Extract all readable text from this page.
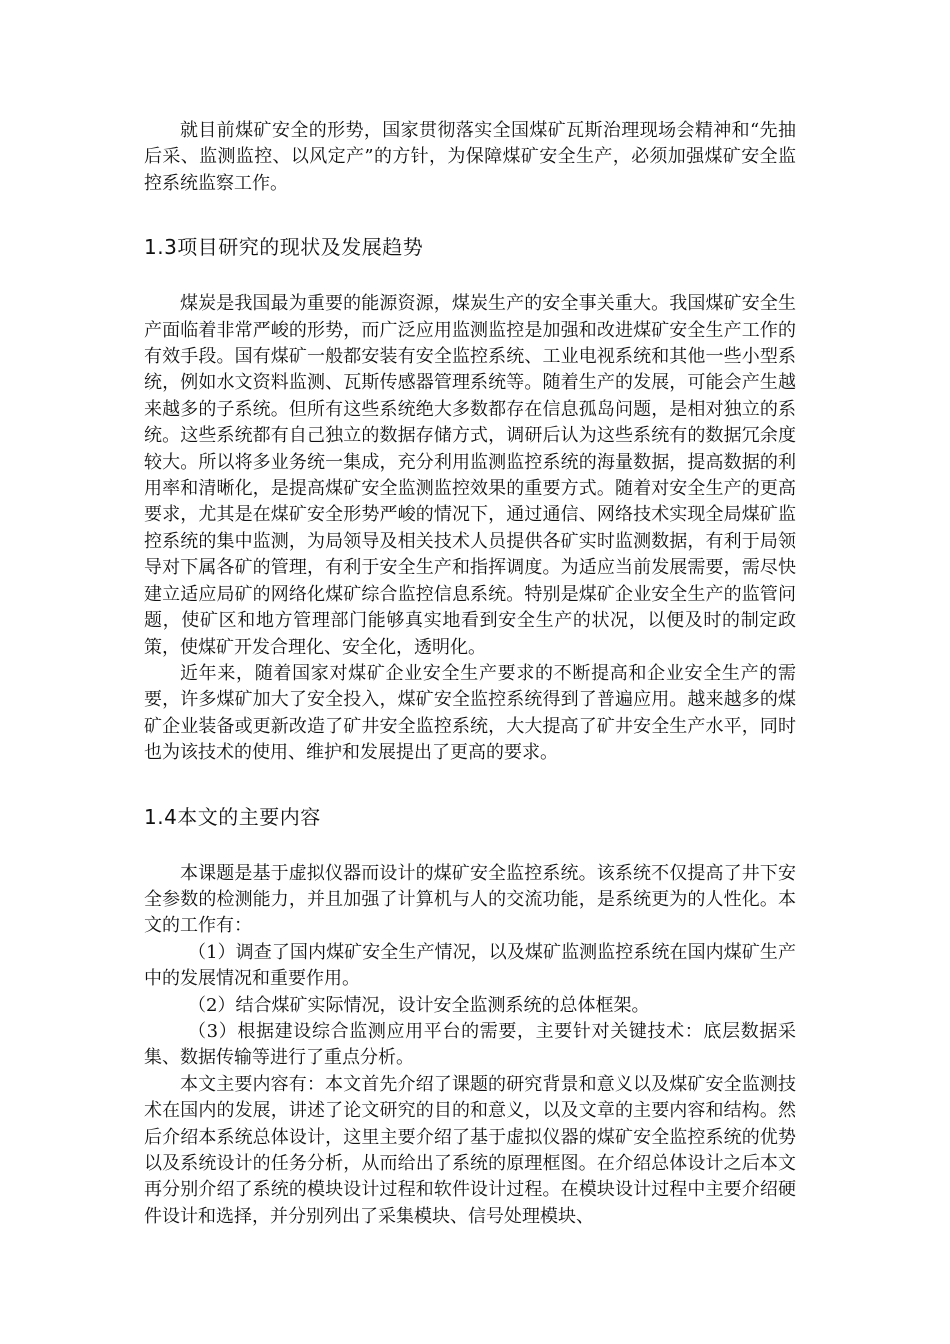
就目前煤矿安全的形势，国家贯彻落实全国煤矿瓦斯治理现场会精神和“先抽后采、监测监控、以风定产”的方针，为保障煤矿安全生产，必须加强煤矿安全监控系统监察工作。

1.3项目研究的现状及发展趋势

煤炭是我国最为重要的能源资源，煤炭生产的安全事关重大。我国煤矿安全生产面临着非常严峻的形势，而广泛应用监测监控是加强和改进煤矿安全生产工作的有效手段。国有煤矿一般都安装有安全监控系统、工业电视系统和其他一些小型系统，例如水文资料监测、瓦斯传感器管理系统等。随着生产的发展，可能会产生越来越多的子系统。但所有这些系统绝大多数都存在信息孤岛问题，是相对独立的系统。这些系统都有自己独立的数据存储方式，调研后认为这些系统有的数据冗余度较大。所以将多业务统一集成，充分利用监测监控系统的海量数据，提高数据的利用率和清晰化，是提高煤矿安全监测监控效果的重要方式。随着对安全生产的更高要求，尤其是在煤矿安全形势严峻的情况下，通过通信、网络技术实现全局煤矿监控系统的集中监测，为局领导及相关技术人员提供各矿实时监测数据，有利于局领导对下属各矿的管理，有利于安全生产和指挥调度。为适应当前发展需要，需尽快建立适应局矿的网络化煤矿综合监控信息系统。特别是煤矿企业安全生产的监管问题，使矿区和地方管理部门能够真实地看到安全生产的状况，以便及时的制定政策，使煤矿开发合理化、安全化，透明化。

近年来，随着国家对煤矿企业安全生产要求的不断提高和企业安全生产的需要，许多煤矿加大了安全投入，煤矿安全监控系统得到了普遍应用。越来越多的煤矿企业装备或更新改造了矿井安全监控系统，大大提高了矿井安全生产水平，同时也为该技术的使用、维护和发展提出了更高的要求。

1.4本文的主要内容

本课题是基于虚拟仪器而设计的煤矿安全监控系统。该系统不仅提高了井下安全参数的检测能力，并且加强了计算机与人的交流功能，是系统更为的人性化。本文的工作有：

（1）调查了国内煤矿安全生产情况，以及煤矿监测监控系统在国内煤矿生产中的发展情况和重要作用。

（2）结合煤矿实际情况，设计安全监测系统的总体框架。

（3）根据建设综合监测应用平台的需要，主要针对关键技术：底层数据采集、数据传输等进行了重点分析。

本文主要内容有：本文首先介绍了课题的研究背景和意义以及煤矿安全监测技术在国内的发展，讲述了论文研究的目的和意义，以及文章的主要内容和结构。然后介绍本系统总体设计，这里主要介绍了基于虚拟仪器的煤矿安全监控系统的优势以及系统设计的任务分析，从而给出了系统的原理框图。在介绍总体设计之后本文再分别介绍了系统的模块设计过程和软件设计过程。在模块设计过程中主要介绍硬件设计和选择，并分别列出了采集模块、信号处理模块、
